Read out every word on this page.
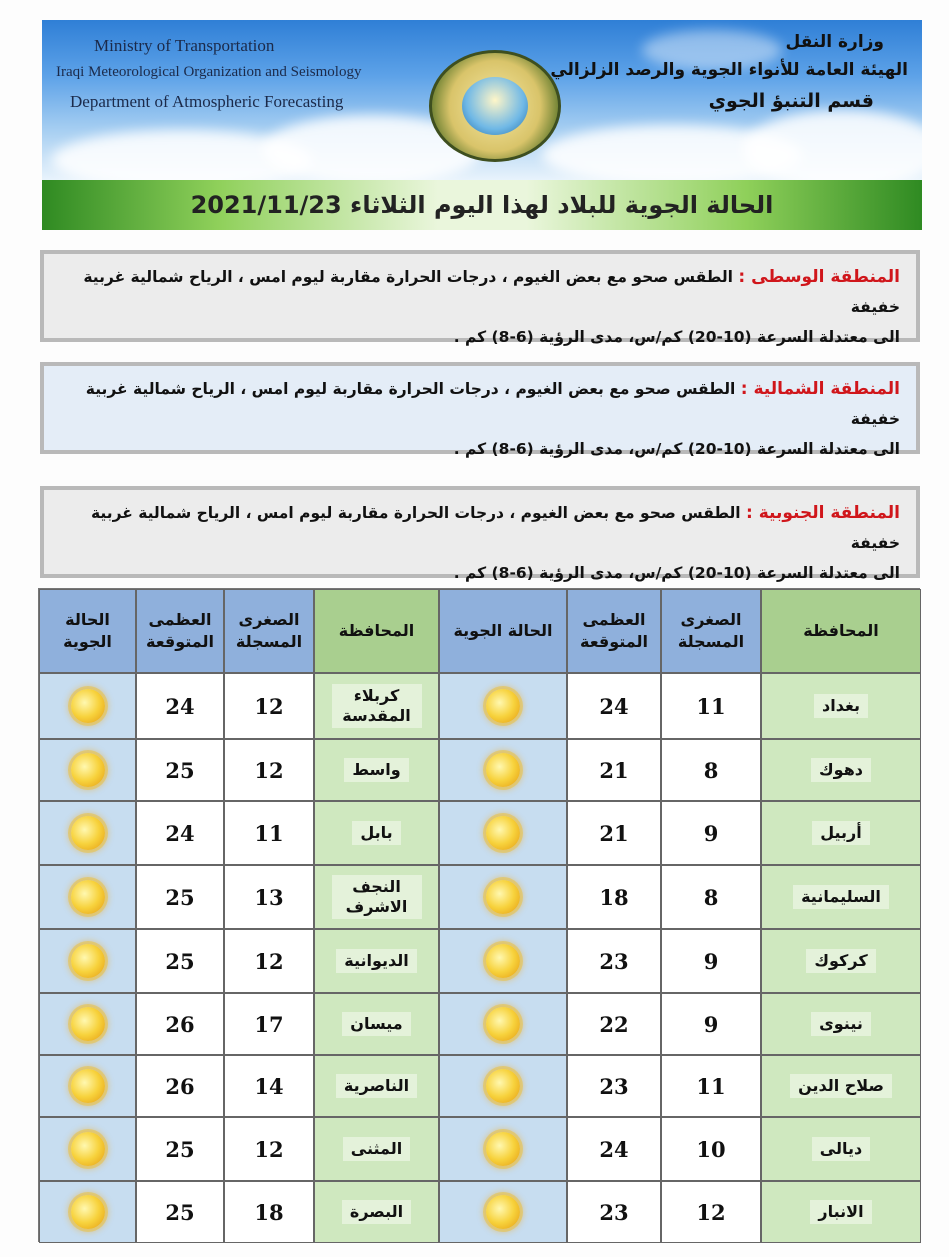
Ministry of Transportation
Iraqi Meteorological Organization and Seismology
Department of Atmospheric Forecasting
وزارة النقل
الهيئة العامة للأنواء الجوية والرصد الزلزالي
قسم التنبؤ الجوي
الحالة الجوية للبلاد لهذا اليوم الثلاثاء 2021/11/23
المنطقة الوسطى : الطقس صحو مع بعض الغيوم ، درجات الحرارة مقاربة ليوم امس ، الرياح شمالية غربية خفيفة
الى معتدلة السرعة (10-20) كم/س، مدى الرؤية (6-8) كم .
المنطقة الشمالية : الطقس صحو مع بعض الغيوم ، درجات الحرارة مقاربة ليوم امس ، الرياح شمالية غربية خفيفة
الى معتدلة السرعة (10-20) كم/س، مدى الرؤية (6-8) كم .
المنطقة الجنوبية : الطقس صحو مع بعض الغيوم ، درجات الحرارة مقاربة ليوم امس ، الرياح شمالية غربية خفيفة
الى معتدلة السرعة (10-20) كم/س، مدى الرؤية (6-8) كم .
الحالة الجوية
العظمى المتوقعة
24
25
24
25
25
26
26
25
25
الصغرى المسجلة
12
12
11
13
12
17
14
12
18
المحافظة
كربلاء المقدسة
واسط
بابل
النجف الاشرف
الديوانية
ميسان
الناصرية
المثنى
البصرة
الحالة الجوية
العظمى المتوقعة
24
21
21
18
23
22
23
24
23
الصغرى المسجلة
11
8
9
8
9
9
11
10
12
المحافظة
بغداد
دهوك
أربيل
السليمانية
كركوك
نينوى
صلاح الدين
ديالى
الانبار
